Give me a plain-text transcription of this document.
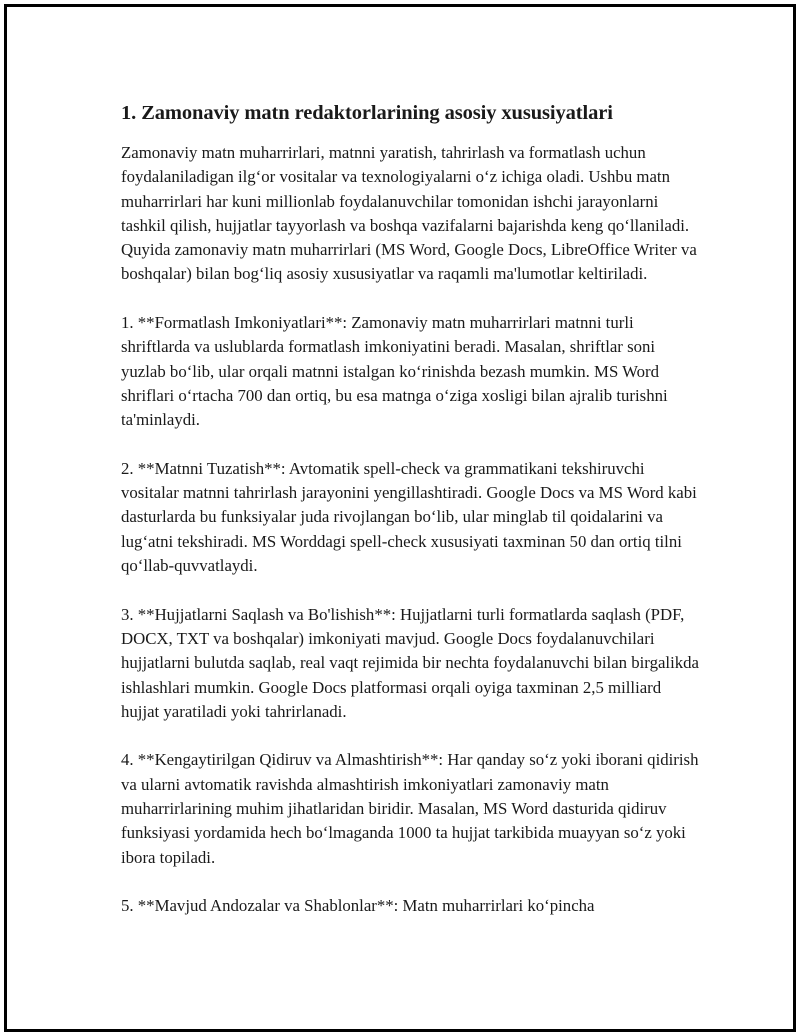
1. Zamonaviy matn redaktorlarining asosiy xususiyatlari

Zamonaviy matn muharrirlari, matnni yaratish, tahrirlash va formatlash uchun foydalaniladigan ilg‘or vositalar va texnologiyalarni o‘z ichiga oladi. Ushbu matn muharrirlari har kuni millionlab foydalanuvchilar tomonidan ishchi jarayonlarni tashkil qilish, hujjatlar tayyorlash va boshqa vazifalarni bajarishda keng qo‘llaniladi. Quyida zamonaviy matn muharrirlari (MS Word, Google Docs, LibreOffice Writer va boshqalar) bilan bog‘liq asosiy xususiyatlar va raqamli ma'lumotlar keltiriladi.

1. **Formatlash Imkoniyatlari**: Zamonaviy matn muharrirlari matnni turli shriftlarda va uslublarda formatlash imkoniyatini beradi. Masalan, shriftlar soni yuzlab bo‘lib, ular orqali matnni istalgan ko‘rinishda bezash mumkin. MS Word shriflari o‘rtacha 700 dan ortiq, bu esa matnga o‘ziga xosligi bilan ajralib turishni ta'minlaydi.

2. **Matnni Tuzatish**: Avtomatik spell-check va grammatikani tekshiruvchi vositalar matnni tahrirlash jarayonini yengillashtiradi. Google Docs va MS Word kabi dasturlarda bu funksiyalar juda rivojlangan bo‘lib, ular minglab til qoidalarini va lug‘atni tekshiradi. MS Worddagi spell-check xususiyati taxminan 50 dan ortiq tilni qo‘llab-quvvatlaydi.

3. **Hujjatlarni Saqlash va Bo'lishish**: Hujjatlarni turli formatlarda saqlash (PDF, DOCX, TXT va boshqalar) imkoniyati mavjud. Google Docs foydalanuvchilari hujjatlarni bulutda saqlab, real vaqt rejimida bir nechta foydalanuvchi bilan birgalikda ishlashlari mumkin. Google Docs platformasi orqali oyiga taxminan 2,5 milliard hujjat yaratiladi yoki tahrirlanadi.

4. **Kengaytirilgan Qidiruv va Almashtirish**: Har qanday so‘z yoki iborani qidirish va ularni avtomatik ravishda almashtirish imkoniyatlari zamonaviy matn muharrirlarining muhim jihatlaridan biridir. Masalan, MS Word dasturida qidiruv funksiyasi yordamida hech bo‘lmaganda 1000 ta hujjat tarkibida muayyan so‘z yoki ibora topiladi.

5. **Mavjud Andozalar va Shablonlar**: Matn muharrirlari ko‘pincha
